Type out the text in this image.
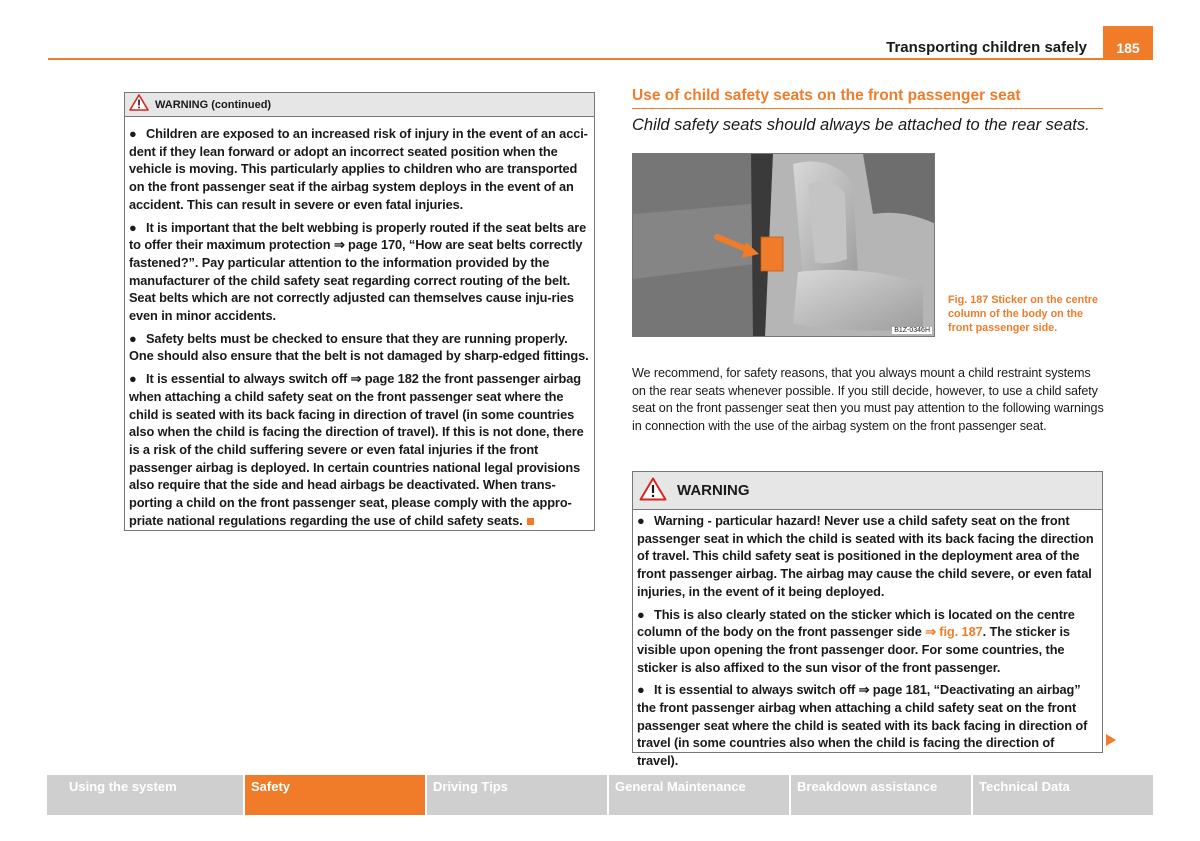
Transporting children safely	185
WARNING (continued)

● Children are exposed to an increased risk of injury in the event of an acci-dent if they lean forward or adopt an incorrect seated position when the vehicle is moving. This particularly applies to children who are transported on the front passenger seat if the airbag system deploys in the event of an accident. This can result in severe or even fatal injuries.

● It is important that the belt webbing is properly routed if the seat belts are to offer their maximum protection ⇒ page 170, “How are seat belts correctly fastened?”. Pay particular attention to the information provided by the manufacturer of the child safety seat regarding correct routing of the belt. Seat belts which are not correctly adjusted can themselves cause inju-ries even in minor accidents.

● Safety belts must be checked to ensure that they are running properly. One should also ensure that the belt is not damaged by sharp-edged fittings.

● It is essential to always switch off ⇒ page 182 the front passenger airbag when attaching a child safety seat on the front passenger seat where the child is seated with its back facing in direction of travel (in some countries also when the child is facing the direction of travel). If this is not done, there is a risk of the child suffering severe or even fatal injuries if the front passenger airbag is deployed. In certain countries national legal provisions also require that the side and head airbags be deactivated. When trans-porting a child on the front passenger seat, please comply with the appro-priate national regulations regarding the use of child safety seats.

Use of child safety seats on the front passenger seat
Child safety seats should always be attached to the rear seats.
B1Z-0346H
Fig. 187 Sticker on the centre column of the body on the front passenger side.
We recommend, for safety reasons, that you always mount a child restraint systems on the rear seats whenever possible. If you still decide, however, to use a child safety seat on the front passenger seat then you must pay attention to the following warnings in connection with the use of the airbag system on the front passenger seat.
WARNING

● Warning - particular hazard! Never use a child safety seat on the front passenger seat in which the child is seated with its back facing the direction of travel. This child safety seat is positioned in the deployment area of the front passenger airbag. The airbag may cause the child severe, or even fatal injuries, in the event of it being deployed.

● This is also clearly stated on the sticker which is located on the centre column of the body on the front passenger side ⇒ fig. 187. The sticker is visible upon opening the front passenger door. For some countries, the sticker is also affixed to the sun visor of the front passenger.

● It is essential to always switch off ⇒ page 181, “Deactivating an airbag” the front passenger airbag when attaching a child safety seat on the front passenger seat where the child is seated with its back facing in direction of travel (in some countries also when the child is facing the direction of travel).

Using the system	Safety	Driving Tips	General Maintenance	Breakdown assistance	Technical Data
